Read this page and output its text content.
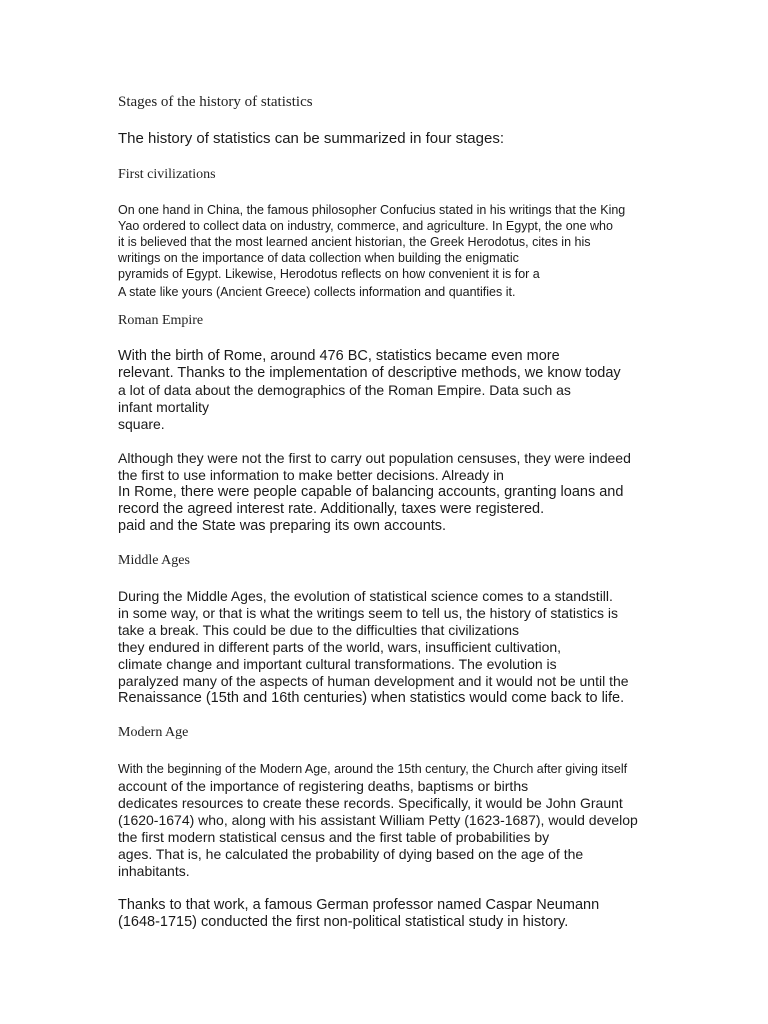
Stages of the history of statistics
The history of statistics can be summarized in four stages:
First civilizations
On one hand in China, the famous philosopher Confucius stated in his writings that the King
Yao ordered to collect data on industry, commerce, and agriculture. In Egypt, the one who
it is believed that the most learned ancient historian, the Greek Herodotus, cites in his
writings on the importance of data collection when building the enigmatic
pyramids of Egypt. Likewise, Herodotus reflects on how convenient it is for a
A state like yours (Ancient Greece) collects information and quantifies it.
Roman Empire
With the birth of Rome, around 476 BC, statistics became even more
relevant. Thanks to the implementation of descriptive methods, we know today
a lot of data about the demographics of the Roman Empire. Data such as
infant mortality
square.
Although they were not the first to carry out population censuses, they were indeed
the first to use information to make better decisions. Already in
In Rome, there were people capable of balancing accounts, granting loans and
record the agreed interest rate. Additionally, taxes were registered.
paid and the State was preparing its own accounts.
Middle Ages
During the Middle Ages, the evolution of statistical science comes to a standstill.
in some way, or that is what the writings seem to tell us, the history of statistics is
take a break. This could be due to the difficulties that civilizations
they endured in different parts of the world, wars, insufficient cultivation,
climate change and important cultural transformations. The evolution is
paralyzed many of the aspects of human development and it would not be until the
Renaissance (15th and 16th centuries) when statistics would come back to life.
Modern Age
With the beginning of the Modern Age, around the 15th century, the Church after giving itself
account of the importance of registering deaths, baptisms or births
dedicates resources to create these records. Specifically, it would be John Graunt
(1620-1674) who, along with his assistant William Petty (1623-1687), would develop
the first modern statistical census and the first table of probabilities by
ages. That is, he calculated the probability of dying based on the age of the
inhabitants.
Thanks to that work, a famous German professor named Caspar Neumann
(1648-1715) conducted the first non-political statistical study in history.
